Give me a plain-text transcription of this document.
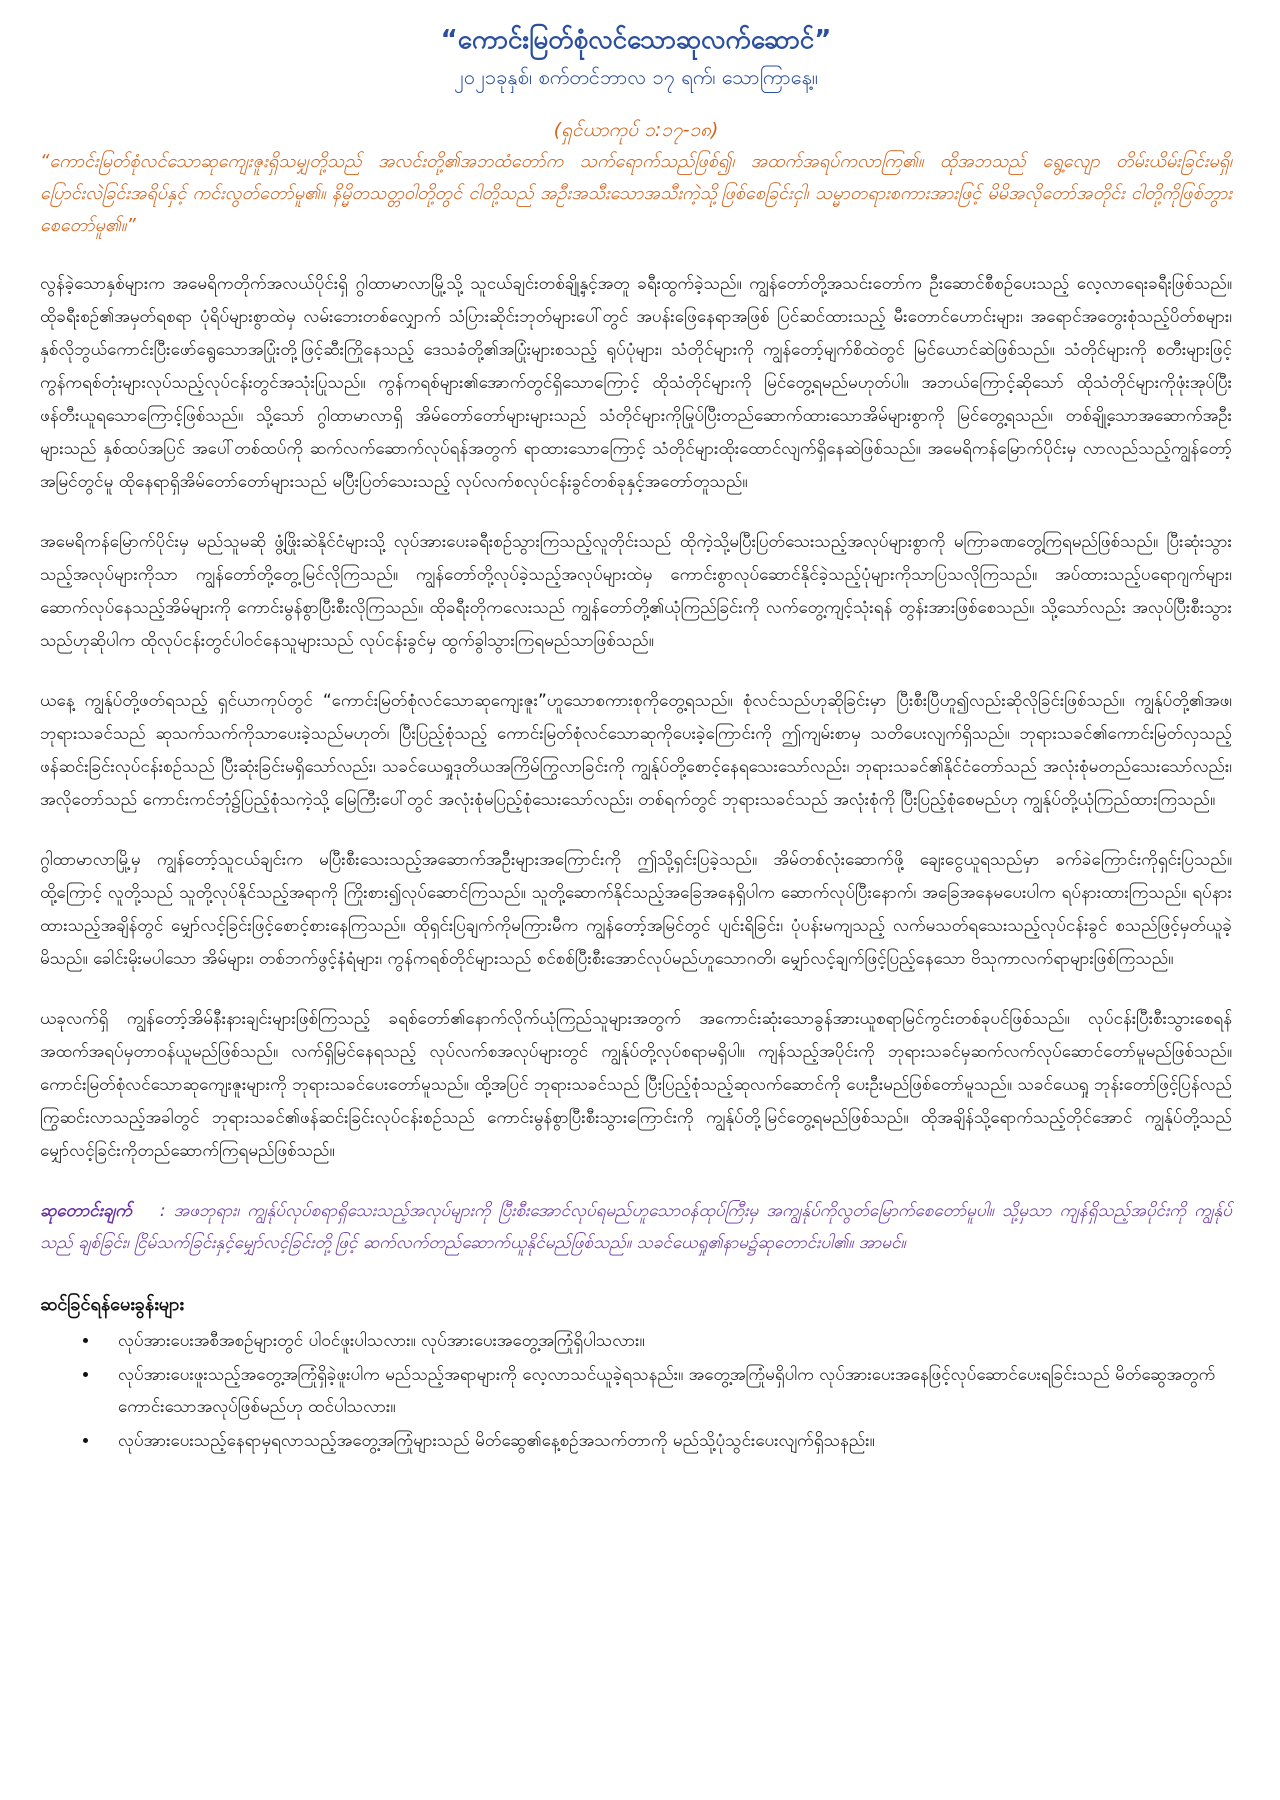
“ကောင်းမြတ်စုံလင်သောဆုလက်ဆောင်”

၂၀၂၁ခုနှစ်၊ စက်တင်ဘာလ ၁၇ ရက်၊ သောကြာနေ့။

(ရှင်ယာကုပ် ၁:၁၇-၁၈)

“ကောင်းမြတ်စုံလင်သောဆုကျေးဇူးရှိသမျှတို့သည် အလင်းတို့၏အဘထံတော်က သက်ရောက်သည်ဖြစ်၍၊ အထက်အရပ်ကလာကြ၏။ ထိုအဘသည် ရွေ့လျော တိမ်းယိမ်းခြင်းမရှိ၊ ပြောင်းလဲခြင်းအရိပ်နှင့် ကင်းလွတ်တော်မူ၏။ နိမ္မိတသတ္တဝါတို့တွင် ငါတို့သည် အဦးအသီးသောအသီးကဲ့သို့ဖြစ်စေခြင်းငှါ၊ သမ္မာတရားစကားအားဖြင့် မိမိအလိုတော်အတိုင်း ငါတို့ကိုဖြစ်ဘွားစေတော်မူ၏။”

လွန်ခဲ့သောနှစ်များက အမေရိကတိုက်အလယ်ပိုင်းရှိ ဂွါထာမာလာမြို့သို့ သူငယ်ချင်းတစ်ချို့နှင့်အတူ ခရီးထွက်ခဲ့သည်။ ကျွန်တော်တို့အသင်းတော်က ဦးဆောင်စီစဉ်ပေးသည့် လေ့လာရေးခရီးဖြစ်သည်။ ထိုခရီးစဉ်၏အမှတ်ရစရာ ပုံရိပ်များစွာထဲမှ လမ်းဘေးတစ်လျှောက် သံပြားဆိုင်းဘုတ်များပေါ်တွင် အပန်းဖြေနေရာအဖြစ် ပြင်ဆင်ထားသည့် မီးတောင်ဟောင်းများ၊ အရောင်အတွေးစုံသည့်ပိတ်စများ၊ နှစ်လိုဘွယ်ကောင်းပြီးဖော်ရွေသောအပြုံးတို့ဖြင့်ဆီးကြိုနေသည့် ဒေသခံတို့၏အပြုံးများစသည့် ရုပ်ပုံများ၊ သံတိုင်များကို ကျွန်တော့်မျက်စိထဲတွင် မြင်ယောင်ဆဲဖြစ်သည်။ သံတိုင်များကို စတီးများဖြင့် ကွန်ကရစ်တုံးများလုပ်သည့်လုပ်ငန်းတွင်အသုံးပြုသည်။ ကွန်ကရစ်များ၏အောက်တွင်ရှိသောကြောင့် ထိုသံတိုင်များကို မြင်တွေ့ရမည်မဟုတ်ပါ။ အဘယ်ကြောင့်ဆိုသော် ထိုသံတိုင်များကိုဖုံးအုပ်ပြီး ဖန်တီးယူရသောကြောင့်ဖြစ်သည်။ သို့သော် ဂွါထာမာလာရှိ အိမ်တော်တော်များများသည် သံတိုင်များကိုမြုပ်ပြီးတည်ဆောက်ထားသောအိမ်များစွာကို မြင်တွေ့ရသည်။ တစ်ချို့သောအဆောက်အဦးများသည် နှစ်ထပ်အပြင် အပေါ်တစ်ထပ်ကို ဆက်လက်ဆောက်လုပ်ရန်အတွက် ရာထားသောကြောင့် သံတိုင်များထိုးထောင်လျက်ရှိနေဆဲဖြစ်သည်။ အမေရိကန်မြောက်ပိုင်းမှ လာလည်သည့်ကျွန်တော့်အမြင်တွင်မူ ထိုနေရာရှိအိမ်တော်တော်များသည် မပြီးပြတ်သေးသည့် လုပ်လက်စလုပ်ငန်းခွင်တစ်ခုနှင့်အတော်တူသည်။

အမေရိကန်မြောက်ပိုင်းမှ မည်သူမဆို ဖွံ့ဖြိုးဆဲနိုင်ငံများသို့ လုပ်အားပေးခရီးစဉ်သွားကြသည့်လူတိုင်းသည် ထိုကဲ့သို့မပြီးပြတ်သေးသည့်အလုပ်များစွာကို မကြာခဏတွေ့ကြရမည်ဖြစ်သည်။ ပြီးဆုံးသွားသည့်အလုပ်များကိုသာ ကျွန်တော်တို့တွေ့မြင်လိုကြသည်။ ကျွန်တော်တို့လုပ်ခဲ့သည့်အလုပ်များထဲမှ ကောင်းစွာလုပ်ဆောင်နိုင်ခဲ့သည့်ပုံများကိုသာပြသလိုကြသည်။ အပ်ထားသည့်ပရောဂျက်များ၊ ဆောက်လုပ်နေသည့်အိမ်များကို ကောင်းမွန်စွာပြီးစီးလိုကြသည်။ ထိုခရီးတိုကလေးသည် ကျွန်တော်တို့၏ယုံကြည်ခြင်းကို လက်တွေ့ကျင့်သုံးရန် တွန်းအားဖြစ်စေသည်။ သို့သော်လည်း အလုပ်ပြီးစီးသွားသည်ဟုဆိုပါက ထိုလုပ်ငန်းတွင်ပါဝင်နေသူများသည် လုပ်ငန်းခွင်မှ ထွက်ခွါသွားကြရမည်သာဖြစ်သည်။

ယနေ့ ကျွန်ုပ်တို့ဖတ်ရသည့် ရှင်ယာကုပ်တွင် “ကောင်းမြတ်စုံလင်သောဆုကျေးဇူး”ဟူသောစကားစုကိုတွေ့ရသည်။ စုံလင်သည်ဟုဆိုခြင်းမှာ ပြီးစီးပြီဟူ၍လည်းဆိုလိုခြင်းဖြစ်သည်။ ကျွန်ုပ်တို့၏အဖ၊ ဘုရားသခင်သည် ဆုသက်သက်ကိုသာပေးခဲ့သည်မဟုတ်၊ ပြီးပြည့်စုံသည့် ကောင်းမြတ်စုံလင်သောဆုကိုပေးခဲ့ကြောင်းကို ဤကျမ်းစာမှ သတိပေးလျက်ရှိသည်။ ဘုရားသခင်၏ကောင်းမြတ်လှသည့်ဖန်ဆင်းခြင်းလုပ်ငန်းစဉ်သည် ပြီးဆုံးခြင်းမရှိသော်လည်း၊ သခင်ယေရှုဒုတိယအကြိမ်ကြွလာခြင်းကို ကျွန်ုပ်တို့စောင့်နေရသေးသော်လည်း၊ ဘုရားသခင်၏နိုင်ငံတော်သည် အလုံးစုံမတည်သေးသော်လည်း၊ အလိုတော်သည် ကောင်းကင်ဘုံ၌ပြည့်စုံသကဲ့သို့ မြေကြီးပေါ်တွင် အလုံးစုံမပြည့်စုံသေးသော်လည်း၊ တစ်ရက်တွင် ဘုရားသခင်သည် အလုံးစုံကို ပြီးပြည့်စုံစေမည်ဟု ကျွန်ုပ်တို့ယုံကြည်ထားကြသည်။

ဂွါထာမာလာမြို့မှ ကျွန်တော့်သူငယ်ချင်းက မပြီးစီးသေးသည့်အဆောက်အဦးများအကြောင်းကို ဤသို့ရှင်းပြခဲ့သည်။ အိမ်တစ်လုံးဆောက်ဖို့ ချေးငွေယူရသည်မှာ ခက်ခဲကြောင်းကိုရှင်းပြသည်။ ထို့ကြောင့် လူတို့သည် သူတို့လုပ်နိုင်သည့်အရာကို ကြိုးစား၍လုပ်ဆောင်ကြသည်။ သူတို့ဆောက်နိုင်သည့်အခြေအနေရှိပါက ဆောက်လုပ်ပြီးနောက်၊ အခြေအနေမပေးပါက ရပ်နားထားကြသည်။ ရပ်နားထားသည့်အချိန်တွင် မျှော်လင့်ခြင်းဖြင့်စောင့်စားနေကြသည်။ ထိုရှင်းပြချက်ကိုမကြားမီက ကျွန်တော့်အမြင်တွင် ပျင်းရိခြင်း၊ ပုံပန်းမကျသည့် လက်မသတ်ရသေးသည့်လုပ်ငန်းခွင် စသည်ဖြင့်မှတ်ယူခဲ့မိသည်။ ခေါင်းမိုးမပါသော အိမ်များ၊ တစ်ဘက်ဖွင့်နံရံများ၊ ကွန်ကရစ်တိုင်များသည် စင်စစ်ပြီးစီးအောင်လုပ်မည်ဟူသောဂတိ၊ မျှော်လင့်ချက်ဖြင့်ပြည့်နေသော ဗိသုကာလက်ရာများဖြစ်ကြသည်။

ယခုလက်ရှိ ကျွန်တော့်အိမ်နီးနားချင်းများဖြစ်ကြသည့် ခရစ်တော်၏နောက်လိုက်ယုံကြည်သူများအတွက် အကောင်းဆုံးသောခွန်အားယူစရာမြင်ကွင်းတစ်ခုပင်ဖြစ်သည်။ လုပ်ငန်းပြီးစီးသွားစေရန် အထက်အရပ်မှတာဝန်ယူမည်ဖြစ်သည်။ လက်ရှိမြင်နေရသည့် လုပ်လက်စအလုပ်များတွင် ကျွန်ုပ်တို့လုပ်စရာမရှိပါ။ ကျန်သည့်အပိုင်းကို ဘုရားသခင်မှဆက်လက်လုပ်ဆောင်တော်မူမည်ဖြစ်သည်။ ကောင်းမြတ်စုံလင်သောဆုကျေးဇူးများကို ဘုရားသခင်ပေးတော်မူသည်။ ထို့အပြင် ဘုရားသခင်သည် ပြီးပြည့်စုံသည့်ဆုလက်ဆောင်ကို ပေးဦးမည်ဖြစ်တော်မူသည်။ သခင်ယေရှု ဘုန်းတော်ဖြင့်ပြန်လည်ကြွဆင်းလာသည့်အခါတွင် ဘုရားသခင်၏ဖန်ဆင်းခြင်းလုပ်ငန်းစဉ်သည် ကောင်းမွန်စွာပြီးစီးသွားကြောင်းကို ကျွန်ုပ်တို့မြင်တွေ့ရမည်ဖြစ်သည်။ ထိုအချိန်သို့ရောက်သည့်တိုင်အောင် ကျွန်ုပ်တို့သည် မျှော်လင့်ခြင်းကိုတည်ဆောက်ကြရမည်ဖြစ်သည်။

ဆုတောင်းချက် : အဖဘုရား၊ ကျွန်ုပ်လုပ်စရာရှိသေးသည့်အလုပ်များကို ပြီးစီးအောင်လုပ်ရမည်ဟူသောဝန်ထုပ်ကြီးမှ အကျွန်ုပ်ကိုလွတ်မြောက်စေတော်မူပါ။ သို့မှသာ ကျန်ရှိသည့်အပိုင်းကို ကျွန်ုပ်သည် ချစ်ခြင်း၊ ငြိမ်သက်ခြင်းနှင့်မျှော်လင့်ခြင်းတို့ဖြင့် ဆက်လက်တည်ဆောက်ယူနိုင်မည်ဖြစ်သည်။ သခင်ယေရှု၏နာမ၌ဆုတောင်းပါ၏။ အာမင်။

ဆင်ခြင်ရန်မေးခွန်းများ
• လုပ်အားပေးအစီအစဉ်များတွင် ပါဝင်ဖူးပါသလား။ လုပ်အားပေးအတွေ့အကြုံရှိပါသလား။
• လုပ်အားပေးဖူးသည့်အတွေ့အကြုံရှိခဲ့ဖူးပါက မည်သည့်အရာများကို လေ့လာသင်ယူခဲ့ရသနည်း။ အတွေ့အကြုံမရှိပါက လုပ်အားပေးအနေဖြင့်လုပ်ဆောင်ပေးရခြင်းသည် မိတ်ဆွေအတွက်ကောင်းသောအလုပ်ဖြစ်မည်ဟု ထင်ပါသလား။
• လုပ်အားပေးသည့်နေရာမှရလာသည့်အတွေ့အကြုံများသည် မိတ်ဆွေ၏နေ့စဉ်အသက်တာကို မည်သို့ပုံသွင်းပေးလျက်ရှိသနည်း။
